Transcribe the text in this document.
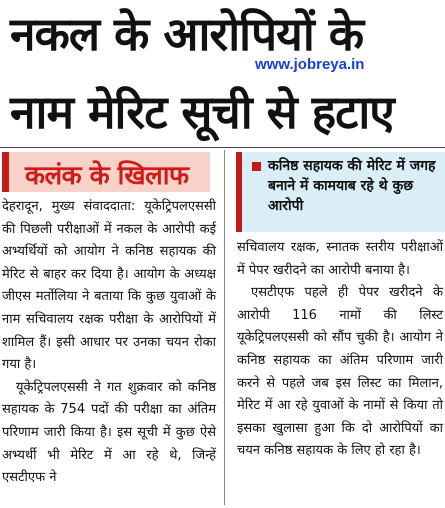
नकल के आरोपियों के
नाम मेरिट सूची से हटाए
www.jobreya.in
कलंक के खिलाफ	कनिष्ठ सहायक की मेरिट में जगह बनाने में कामयाब रहे थे कुछ आरोपी

देहरादून, मुख्य संवाददाता: यूकेट्रिपलएससी की पिछली परीक्षाओं में नकल के आरोपी कई अभ्यर्थियों को आयोग ने कनिष्ठ सहायक की मेरिट से बाहर कर दिया है। आयोग के अध्यक्ष जीएस मर्तोलिया ने बताया कि कुछ युवाओं के नाम सचिवालय रक्षक परीक्षा के आरोपियों में शामिल हैं। इसी आधार पर उनका चयन रोका गया है।

यूकेट्रिपलएससी ने गत शुक्रवार को कनिष्ठ सहायक के 754 पदों की परीक्षा का अंतिम परिणाम जारी किया है। इस सूची में कुछ ऐसे अभ्यर्थी भी मेरिट में आ रहे थे, जिन्हें एसटीएफ ने

सचिवालय रक्षक, स्नातक स्तरीय परीक्षाओं में पेपर खरीदने का आरोपी बनाया है।

एसटीएफ पहले ही पेपर खरीदने के आरोपी 116 नामों की लिस्ट यूकेट्रिपलएससी को सौंप चुकी है। आयोग ने कनिष्ठ सहायक का अंतिम परिणाम जारी करने से पहले जब इस लिस्ट का मिलान, मेरिट में आ रहे युवाओं के नामों से किया तो इसका खुलासा हुआ कि दो आरोपियों का चयन कनिष्ठ सहायक के लिए हो रहा है।
